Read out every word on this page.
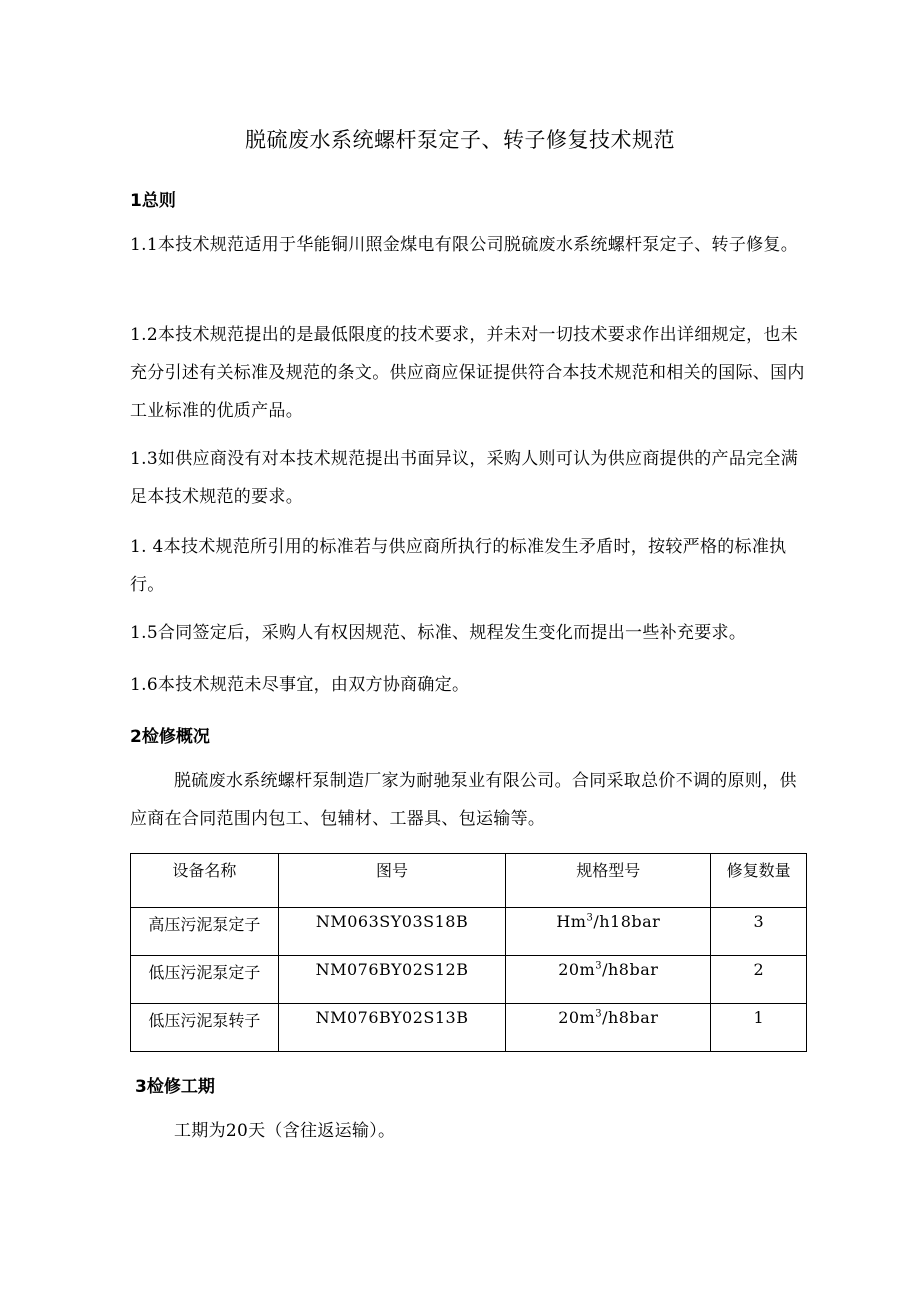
脱硫废水系统螺杆泵定子、转子修复技术规范
1总则
1.1本技术规范适用于华能铜川照金煤电有限公司脱硫废水系统螺杆泵定子、转子修复。
1.2本技术规范提出的是最低限度的技术要求，并未对一切技术要求作出详细规定，也未充分引述有关标准及规范的条文。供应商应保证提供符合本技术规范和相关的国际、国内工业标准的优质产品。
1.3如供应商没有对本技术规范提出书面异议，采购人则可认为供应商提供的产品完全满足本技术规范的要求。
1. 4本技术规范所引用的标准若与供应商所执行的标准发生矛盾时，按较严格的标准执行。
1.5合同签定后，采购人有权因规范、标准、规程发生变化而提出一些补充要求。
1.6本技术规范未尽事宜，由双方协商确定。
2检修概况
脱硫废水系统螺杆泵制造厂家为耐驰泵业有限公司。合同采取总价不调的原则，供应商在合同范围内包工、包辅材、工器具、包运输等。
设备名称	图号	规格型号	修复数量
高压污泥泵定子	NM063SY03S18B	Hm$^3$/h18bar	3
低压污泥泵定子	NM076BY02S12B	$20m^3/h8bar$	2
低压污泥泵转子	NM076BY02S13B	$20m^3/h8bar$	1
3检修工期
工期为20天（含往返运输）。
